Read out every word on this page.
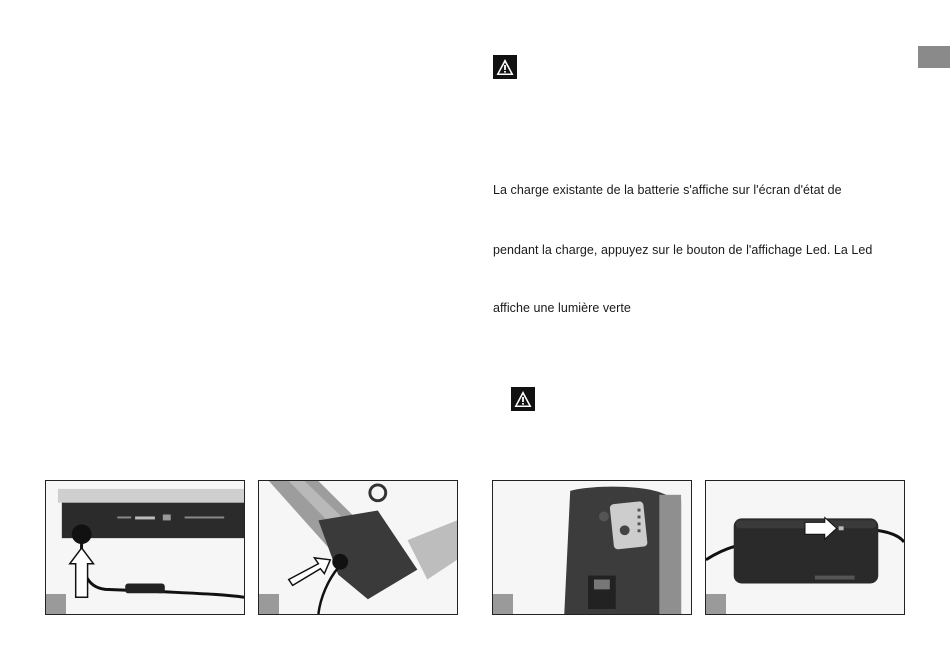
La charge existante de la batterie s'affiche sur l'écran d'état de
pendant la charge, appuyez sur le bouton de l'affichage Led. La Led
affiche une lumière verte
